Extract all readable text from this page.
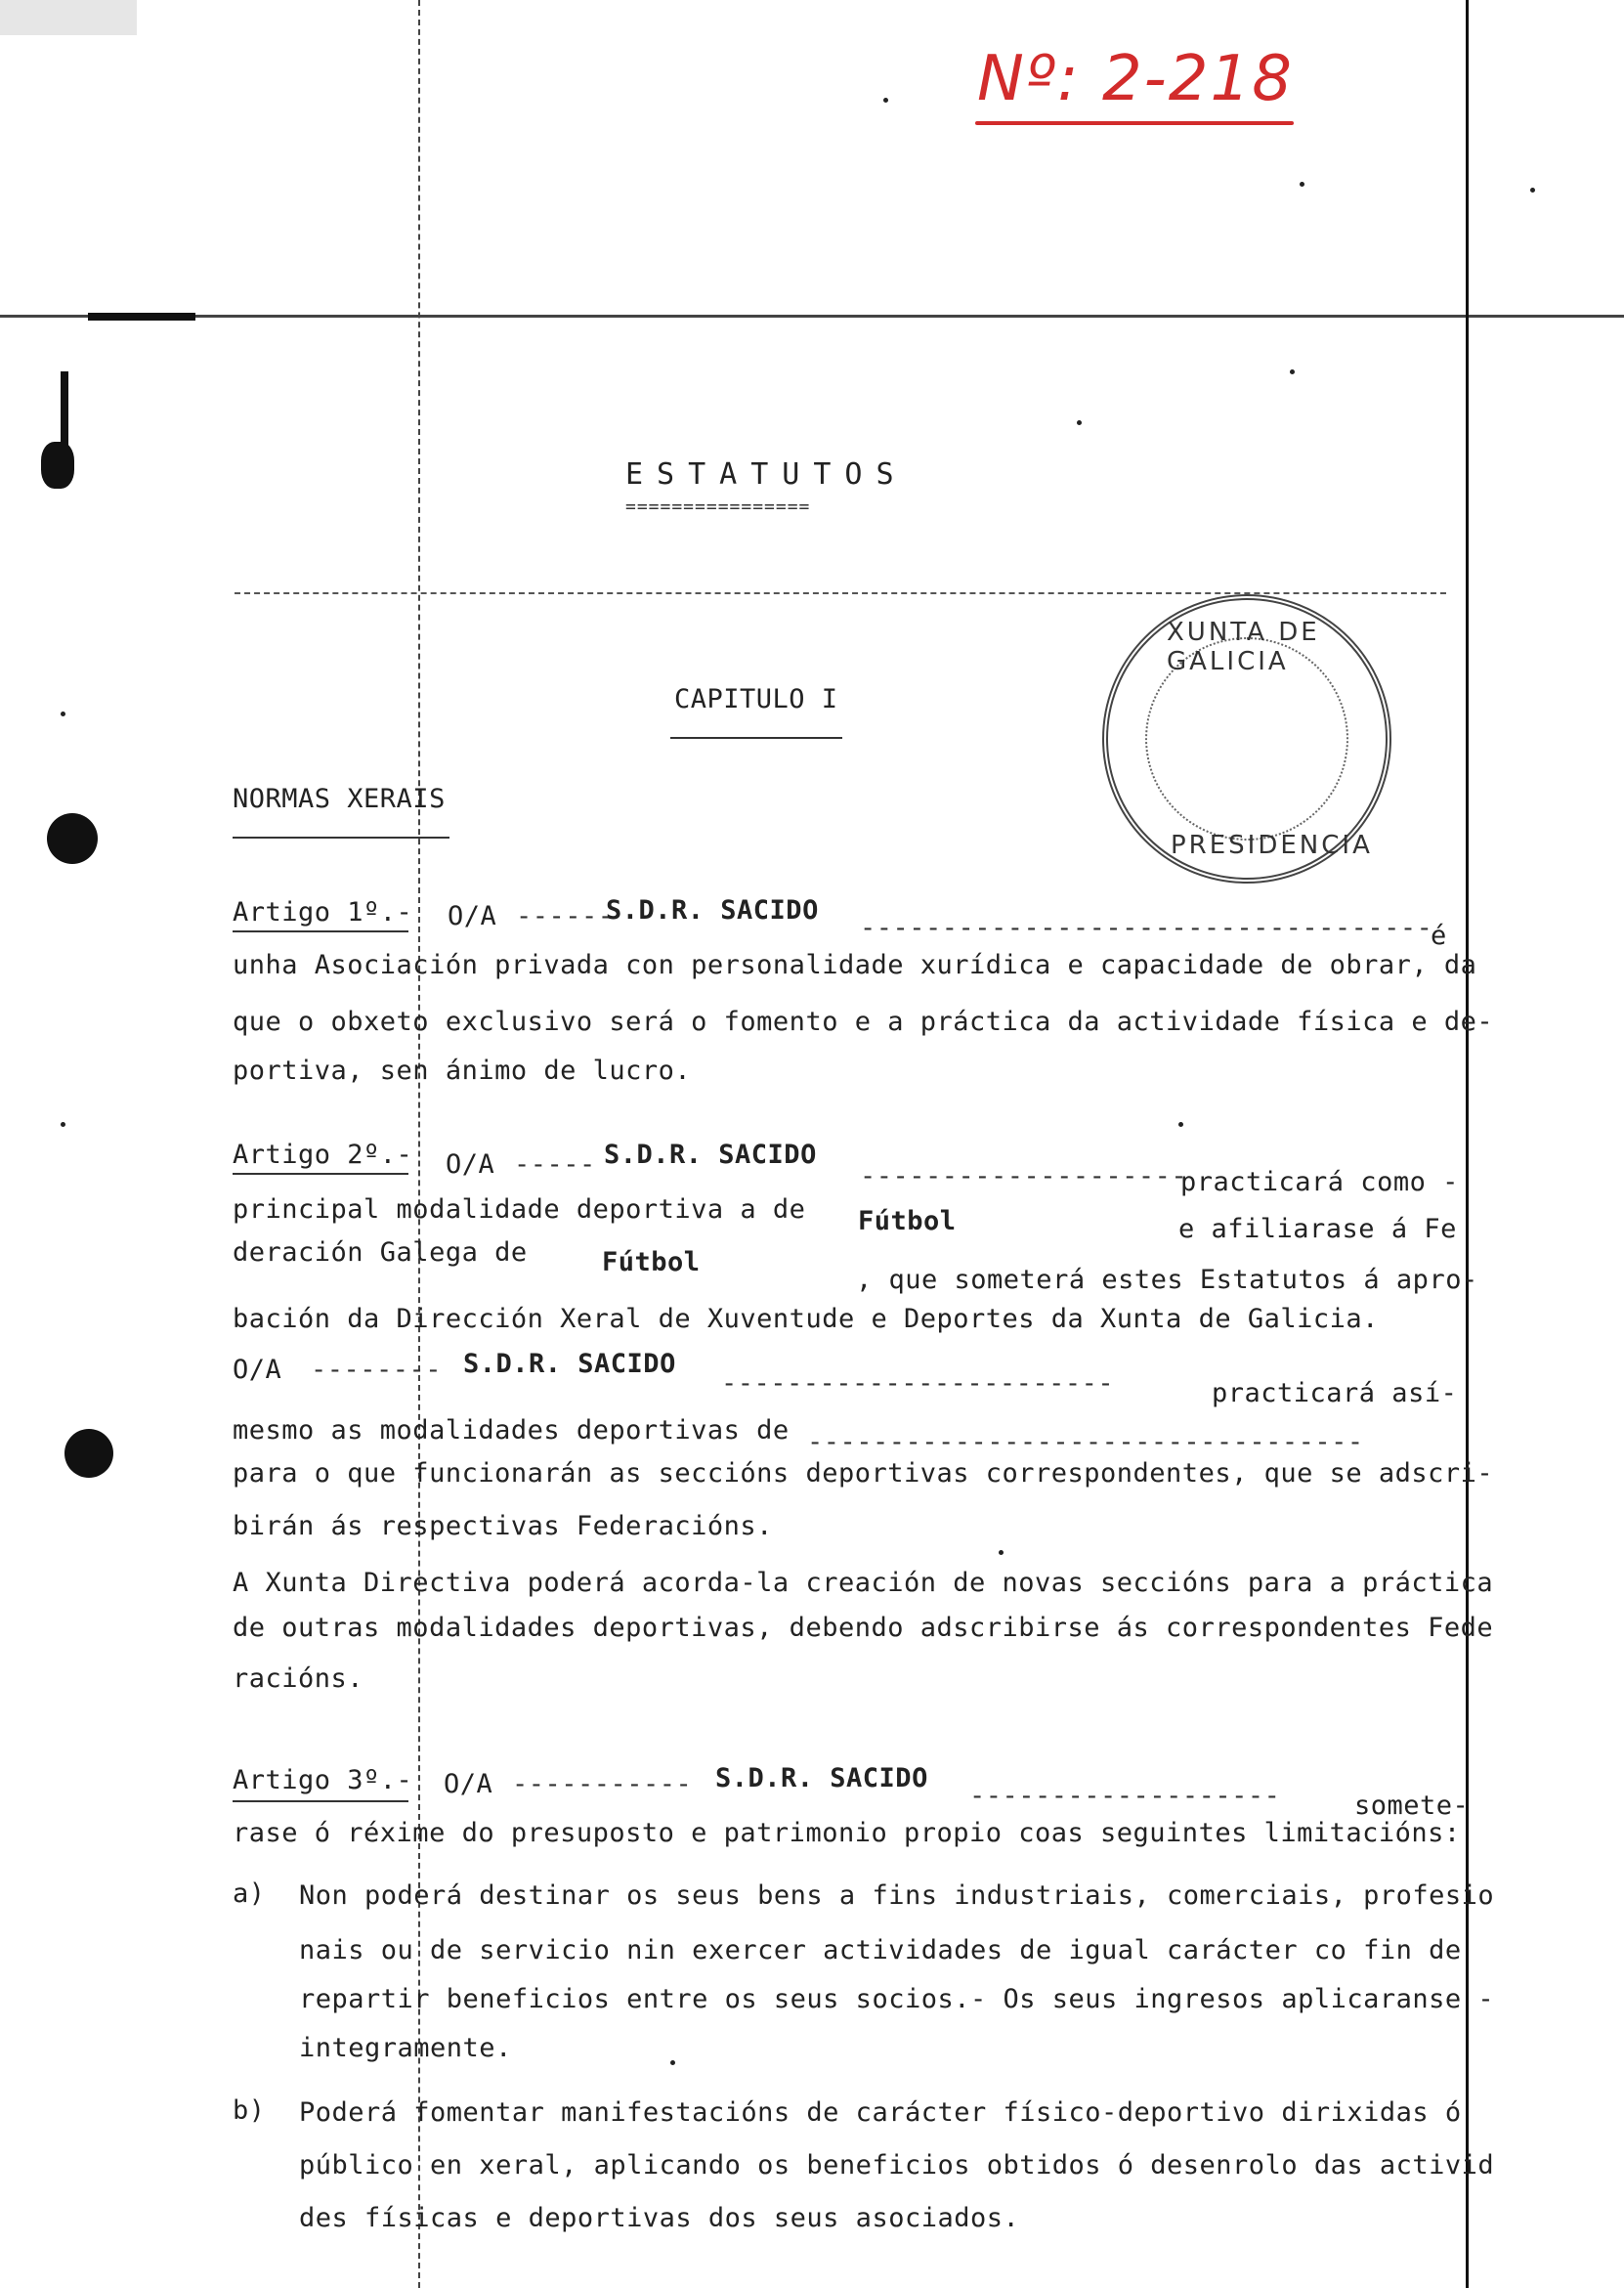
Nº: 2-218
ESTATUTOS
================
XUNTA DE GALICIA
PRESIDENCIA
CAPITULO I
NORMAS XERAIS
Artigo 1º.- O/A ------
S.D.R. SACIDO
-----------------------------------
é
unha Asociación privada con personalidade xurídica e capacidade de obrar, da
que o obxeto exclusivo será o fomento e a práctica da actividade física e de-
portiva, sen ánimo de lucro.
Artigo 2º.- O/A ----- S.D.R. SACIDO
--------------------
practicará como -
principal modalidade deportiva a de Fútbol	e afiliarase á Fe
deración Galega de	Fútbol
, que someterá estes Estatutos á apro-
bación da Dirección Xeral de Xuventude e Deportes da Xunta de Galicia.
O/A -------- S.D.R. SACIDO
------------------------	practicará así-
mesmo as modalidades deportivas de ----------------------------------
para o que funcionarán as seccións deportivas correspondentes, que se adscri-
birán ás respectivas Federacións.
A Xunta Directiva poderá acorda-la creación de novas seccións para a práctica
de outras modalidades deportivas, debendo adscribirse ás correspondentes Fede
racións.
Artigo 3º.- O/A ----------- S.D.R. SACIDO
-------------------	somete-
rase ó réxime do presuposto e patrimonio propio coas seguintes limitacións:
a) Non poderá destinar os seus bens a fins industriais, comerciais, profesio
nais ou de servicio nin exercer actividades de igual carácter co fin de
repartir beneficios entre os seus socios.- Os seus ingresos aplicaranse -
integramente.
b) Poderá fomentar manifestacións de carácter físico-deportivo dirixidas ó
público en xeral, aplicando os beneficios obtidos ó desenrolo das activid
des físicas e deportivas dos seus asociados.
